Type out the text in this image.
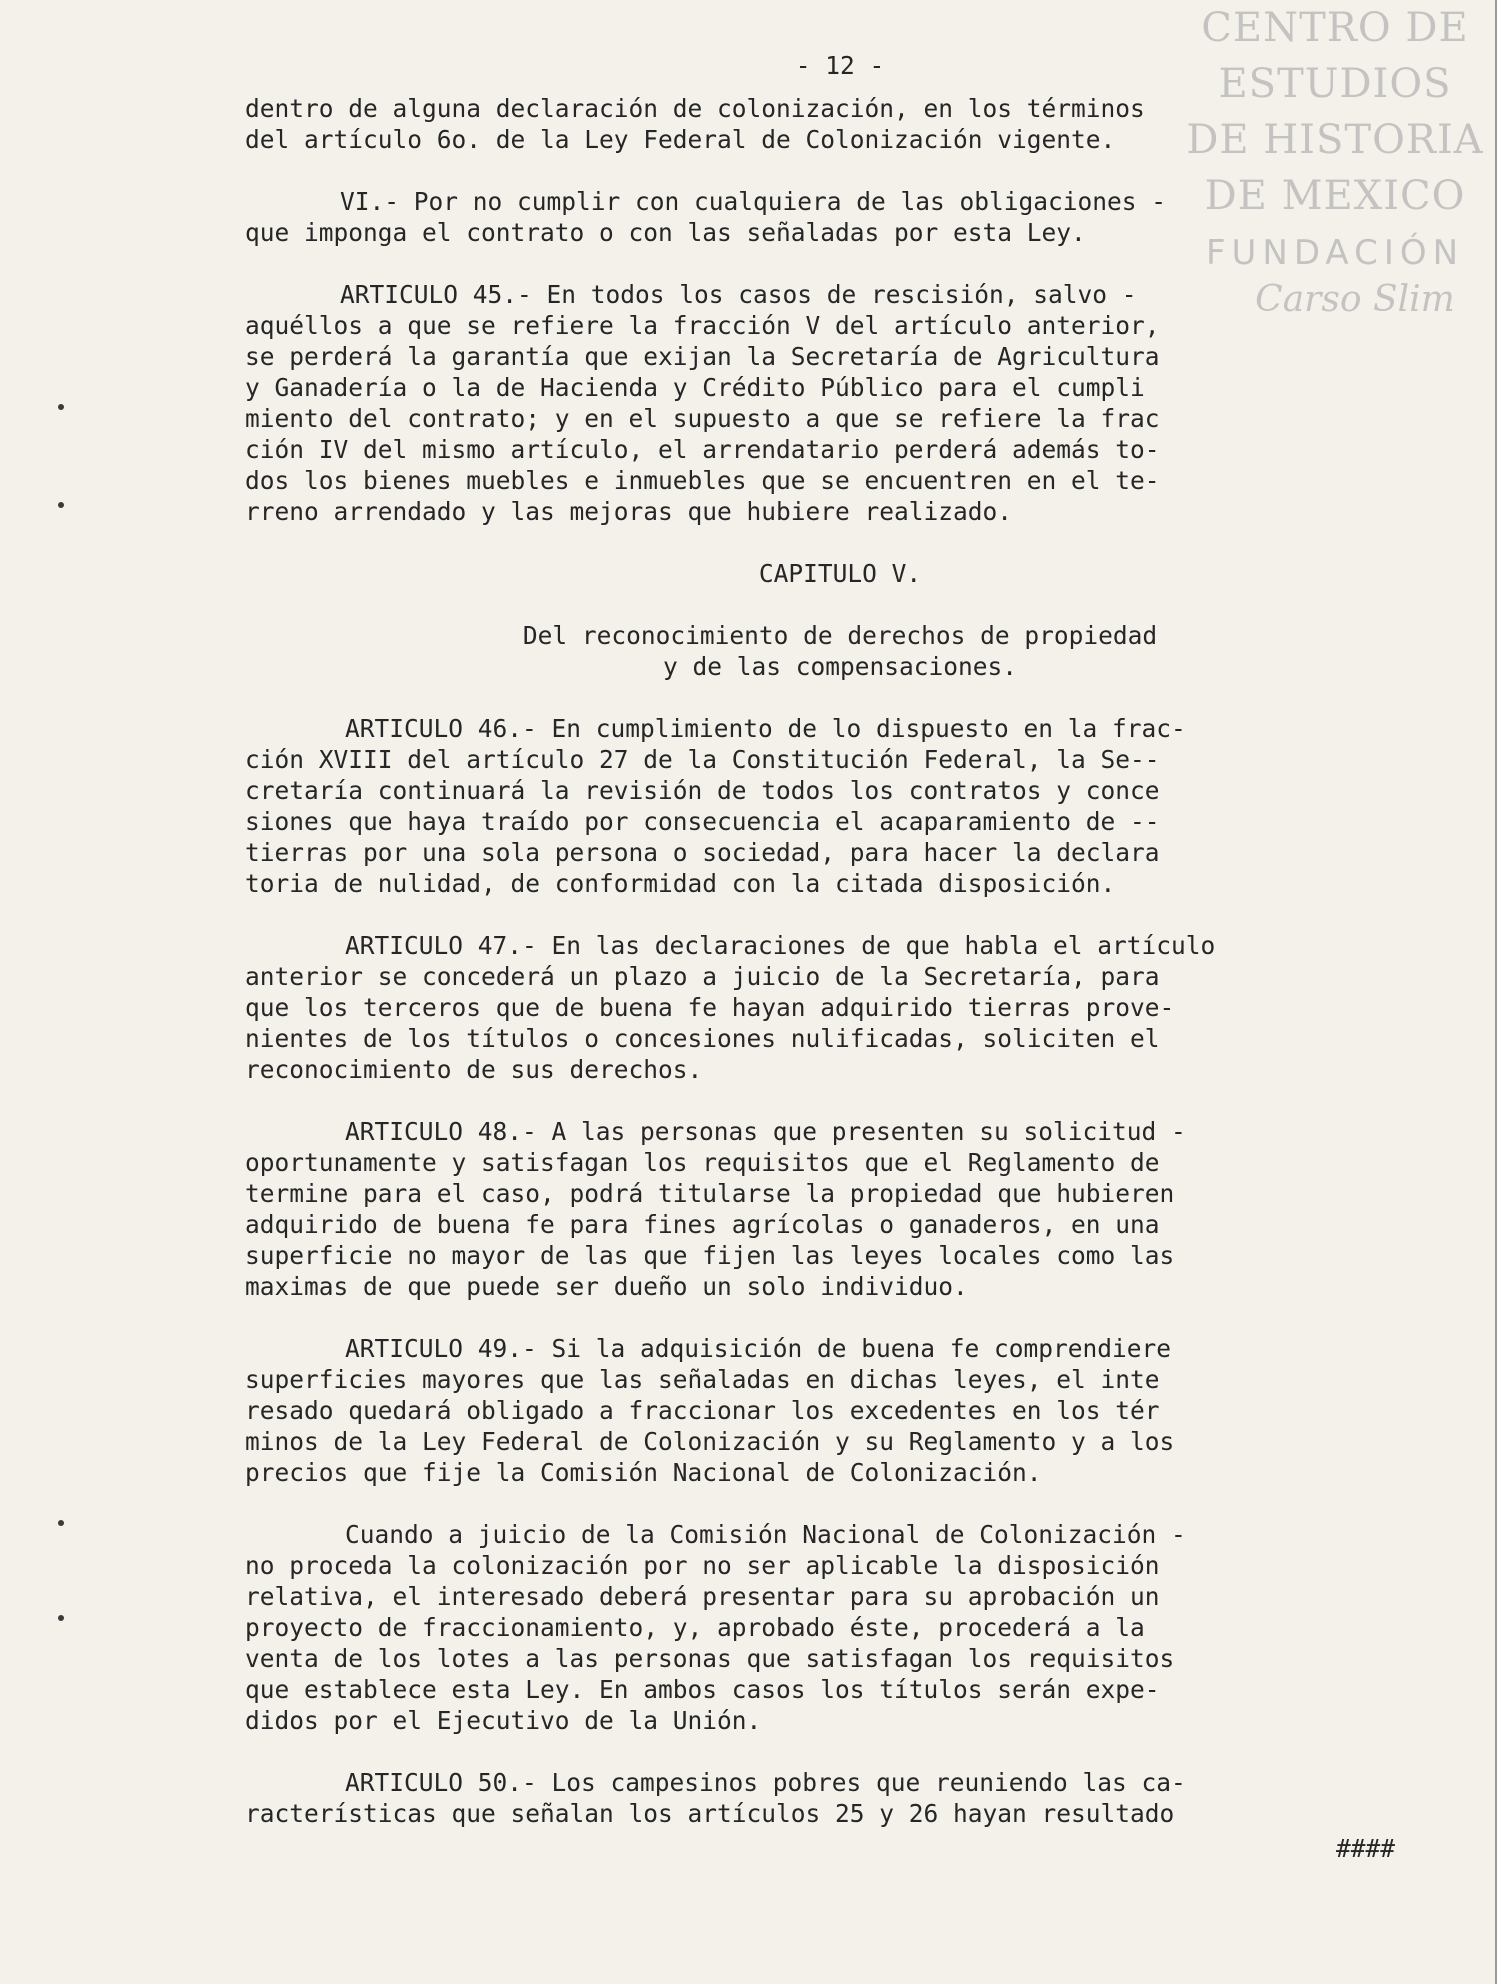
CENTRO DE
ESTUDIOS
DE HISTORIA
DE MEXICO
FUNDACIÓN
Carso Slim
- 12 -
dentro de alguna declaración de colonización, en los términos
del artículo 6o. de la Ley Federal de Colonización vigente.
VI.- Por no cumplir con cualquiera de las obligaciones -
que imponga el contrato o con las señaladas por esta Ley.
ARTICULO 45.- En todos los casos de rescisión, salvo -
aquéllos a que se refiere la fracción V del artículo anterior,
se perderá la garantía que exijan la Secretaría de Agricultura
y Ganadería o la de Hacienda y Crédito Público para el cumpli
miento del contrato; y en el supuesto a que se refiere la frac
ción IV del mismo artículo, el arrendatario perderá además to-
dos los bienes muebles e inmuebles que se encuentren en el te-
rreno arrendado y las mejoras que hubiere realizado.
CAPITULO V.
Del reconocimiento de derechos de propiedad
y de las compensaciones.
ARTICULO 46.- En cumplimiento de lo dispuesto en la frac-
ción XVIII del artículo 27 de la Constitución Federal, la Se--
cretaría continuará la revisión de todos los contratos y conce
siones que haya traído por consecuencia el acaparamiento de --
tierras por una sola persona o sociedad, para hacer la declara
toria de nulidad, de conformidad con la citada disposición.
ARTICULO 47.- En las declaraciones de que habla el artículo
anterior se concederá un plazo a juicio de la Secretaría, para
que los terceros que de buena fe hayan adquirido tierras prove-
nientes de los títulos o concesiones nulificadas, soliciten el
reconocimiento de sus derechos.
ARTICULO 48.- A las personas que presenten su solicitud -
oportunamente y satisfagan los requisitos que el Reglamento de
termine para el caso, podrá titularse la propiedad que hubieren
adquirido de buena fe para fines agrícolas o ganaderos, en una
superficie no mayor de las que fijen las leyes locales como las
maximas de que puede ser dueño un solo individuo.
ARTICULO 49.- Si la adquisición de buena fe comprendiere
superficies mayores que las señaladas en dichas leyes, el inte
resado quedará obligado a fraccionar los excedentes en los tér
minos de la Ley Federal de Colonización y su Reglamento y a los
precios que fije la Comisión Nacional de Colonización.
Cuando a juicio de la Comisión Nacional de Colonización -
no proceda la colonización por no ser aplicable la disposición
relativa, el interesado deberá presentar para su aprobación un
proyecto de fraccionamiento, y, aprobado éste, procederá a la
venta de los lotes a las personas que satisfagan los requisitos
que establece esta Ley. En ambos casos los títulos serán expe-
didos por el Ejecutivo de la Unión.
ARTICULO 50.- Los campesinos pobres que reuniendo las ca-
racterísticas que señalan los artículos 25 y 26 hayan resultado
####
